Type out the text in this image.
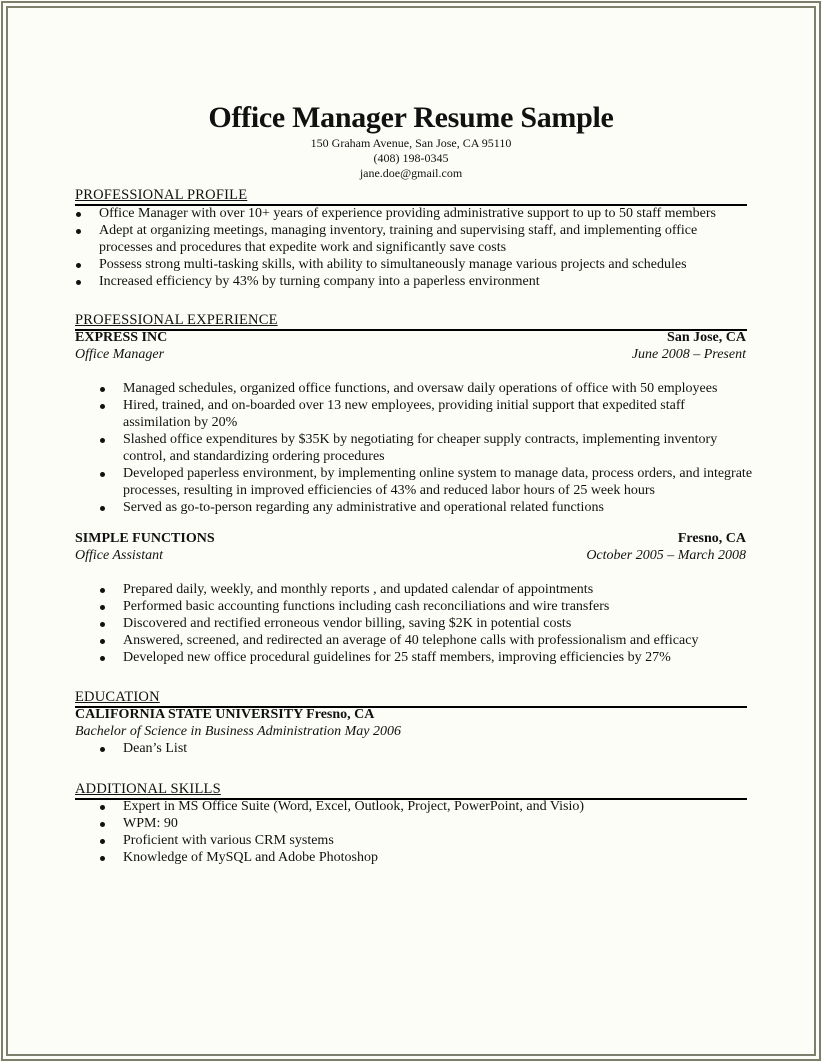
Office Manager Resume Sample
150 Graham Avenue, San Jose, CA 95110
(408) 198-0345
jane.doe@gmail.com
PROFESSIONAL PROFILE
Office Manager with over 10+ years of experience providing administrative support to up to 50 staff members
Adept at organizing meetings, managing inventory, training and supervising staff, and implementing office processes and procedures that expedite work and significantly save costs
Possess strong multi-tasking skills, with ability to simultaneously manage various projects and schedules
Increased efficiency by 43% by turning company into a paperless environment
PROFESSIONAL EXPERIENCE
EXPRESS INC	San Jose, CA
Office Manager	June 2008 – Present
Managed schedules, organized office functions, and oversaw daily operations of office with 50 employees
Hired, trained, and on-boarded over 13 new employees, providing initial support that expedited staff assimilation by 20%
Slashed office expenditures by $35K by negotiating for cheaper supply contracts, implementing inventory control, and standardizing ordering procedures
Developed paperless environment, by implementing online system to manage data, process orders, and integrate processes, resulting in improved efficiencies of 43% and reduced labor hours of 25 week hours
Served as go-to-person regarding any administrative and operational related functions
SIMPLE FUNCTIONS	Fresno, CA
Office Assistant	October 2005 – March 2008
Prepared daily, weekly, and monthly reports , and updated calendar of appointments
Performed basic accounting functions including cash reconciliations and wire transfers
Discovered and rectified erroneous vendor billing, saving $2K in potential costs
Answered, screened, and redirected an average of 40 telephone calls with professionalism and efficacy
Developed new office procedural guidelines for 25 staff members, improving efficiencies by 27%
EDUCATION
CALIFORNIA STATE UNIVERSITY Fresno, CA
Bachelor of Science in Business Administration May 2006
Dean’s List
ADDITIONAL SKILLS
Expert in MS Office Suite (Word, Excel, Outlook, Project, PowerPoint, and Visio)
WPM: 90
Proficient with various CRM systems
Knowledge of MySQL and Adobe Photoshop
